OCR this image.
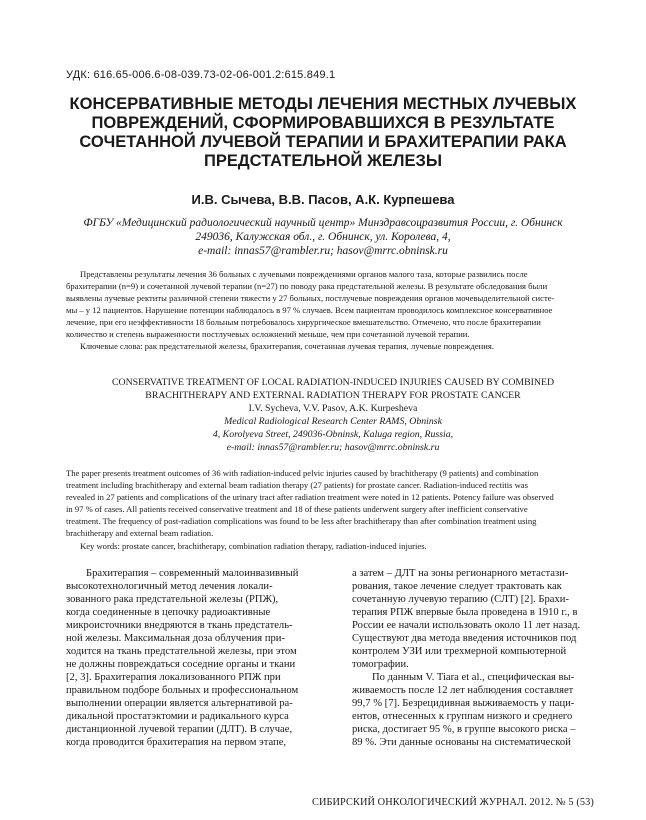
УДК: 616.65-006.6-08-039.73-02-06-001.2:615.849.1
КОНСЕРВАТИВНЫЕ МЕТОДЫ ЛЕЧЕНИЯ МЕСТНЫХ ЛУЧЕВЫХ
ПОВРЕЖДЕНИЙ, СФОРМИРОВАВШИХСЯ В РЕЗУЛЬТАТЕ
СОЧЕТАННОЙ ЛУЧЕВОЙ ТЕРАПИИ И БРАХИТЕРАПИИ РАКА
ПРЕДСТАТЕЛЬНОЙ ЖЕЛЕЗЫ
И.В. Сычева, В.В. Пасов, А.К. Курпешева
ФГБУ «Медицинский радиологический научный центр» Минздравсоцразвития России, г. Обнинск
249036, Калужская обл., г. Обнинск, ул. Королева, 4,
e-mail: innas57@rambler.ru; hasov@mrrc.obninsk.ru
Представлены результаты лечения 36 больных с лучевыми повреждениями органов малого таза, которые развились после
брахитерапии (n=9) и сочетанной лучевой терапии (n=27) по поводу рака предстательной железы. В результате обследования были
выявлены лучевые ректиты различной степени тяжести у 27 больных, постлучевые повреждения органов мочевыделительной систе-
мы – у 12 пациентов. Нарушение потенции наблюдалось в 97 % случаев. Всем пациентам проводилось комплексное консервативное
лечение, при его неэффективности 18 больным потребовалось хирургическое вмешательство. Отмечено, что после брахитерапии
количество и степень выраженности постлучевых осложнений меньше, чем при сочетанной лучевой терапии.
Ключевые слова: рак предстательной железы, брахитерапия, сочетанная лучевая терапия, лучевые повреждения.
CONSERVATIVE TREATMENT OF LOCAL RADIATION-INDUCED INJURIES CAUSED BY COMBINED
BRACHITHERAPY AND EXTERNAL RADIATION THERAPY FOR PROSTATE CANCER
I.V. Sycheva, V.V. Pasov, A.K. Kurpesheva
Medical Radiological Research Center RAMS, Obninsk
4, Korolyeva Street, 249036-Obninsk, Kaluga region, Russia,
e-mail: innas57@rambler.ru; hasov@mrrc.obninsk.ru
The paper presents treatment outcomes of 36 with radiation-induced pelvic injuries caused by brachitherapy (9 patients) and combination
treatment including brachitherapy and external beam radiation therapy (27 patients) for prostate cancer. Radiation-induced rectitis was
revealed in 27 patients and complications of the urinary tract after radiation treatment were noted in 12 patients. Potency failure was observed
in 97 % of cases. All patients received conservative treatment and 18 of these patients underwent surgery after inefficient conservative
treatment. The frequency of post-radiation complications was found to be less after brachitherapy than after combination treatment using
brachitherapy and external beam radiation.
Key words: prostate cancer, brachitherapy, combination radiation therapy, radiation-induced injuries.
Брахитерапия – современный малоинвазивный
высокотехнологичный метод лечения локали-
зованного рака предстательной железы (РПЖ),
когда соединенные в цепочку радиоактивные
микроисточники внедряются в ткань предстатель-
ной железы. Максимальная доза облучения при-
ходится на ткань предстательной железы, при этом
не должны повреждаться соседние органы и ткани
[2, 3]. Брахитерапия локализованного РПЖ при
правильном подборе больных и профессиональном
выполнении операции является альтернативой ра-
дикальной простатэктомии и радикального курса
дистанционной лучевой терапии (ДЛТ). В случае,
когда проводится брахитерапия на первом этапе,
а затем – ДЛТ на зоны регионарного метастази-
рования, такое лечение следует трактовать как
сочетанную лучевую терапию (СЛТ) [2]. Брахи-
терапия РПЖ впервые была проведена в 1910 г., в
России ее начали использовать около 11 лет назад.
Существуют два метода введения источников под
контролем УЗИ или трехмерной компьютерной
томографии.
По данным V. Tiara et al., специфическая вы-
живаемость после 12 лет наблюдения составляет
99,7 % [7]. Безрецидивная выживаемость у паци-
ентов, отнесенных к группам низкого и среднего
риска, достигает 95 %, в группе высокого риска –
89 %. Эти данные основаны на систематической
СИБИРСКИЙ ОНКОЛОГИЧЕСКИЙ ЖУРНАЛ. 2012. № 5 (53)
